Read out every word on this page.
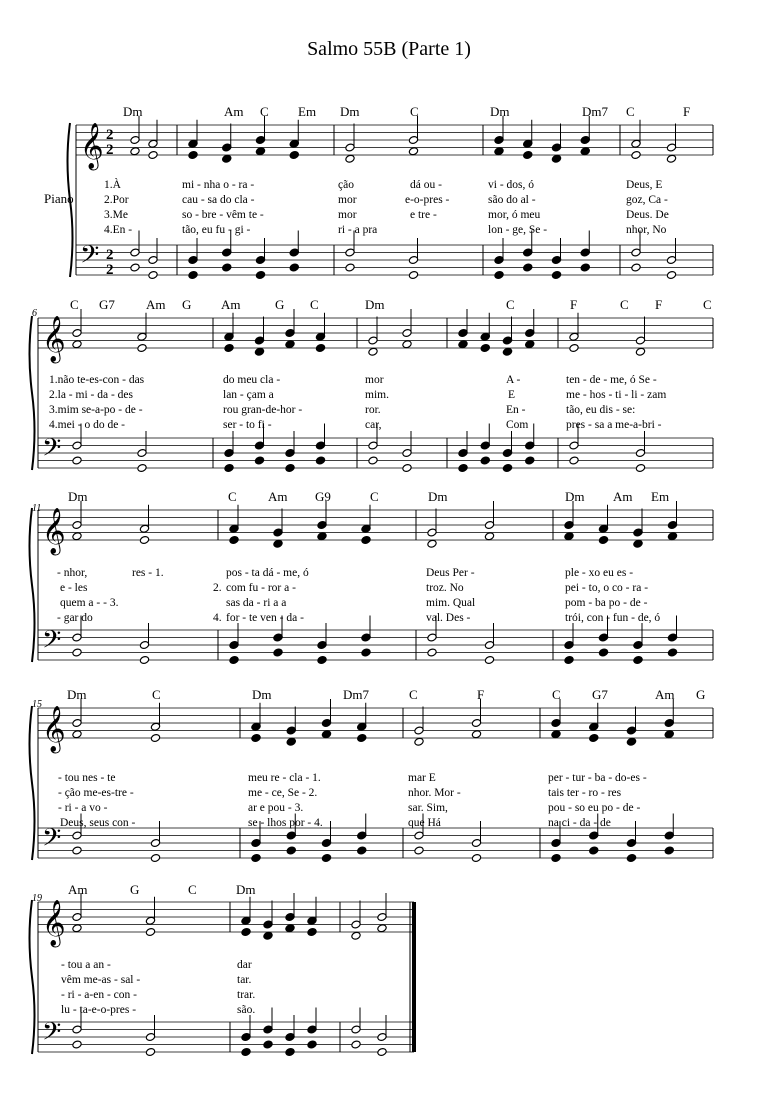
Salmo 55B (Parte 1)
Piano
6
11
15
19
Dm	Am C Em Dm	C	Dm	Dm7 C	F
C G7 Am G Am	G C	Dm	C	F	C F	C
Dm	C Am G9	C	Dm	Dm Am Em
Dm	C	Dm	Dm7	C	F	C G7	Am G
Am	G	C	Dm
1.À	mi - nha o - ra -	ção	dá ou -	vi - dos, ó	Deus, E
2.Por	cau - sa do cla -	mor	e-o-pres -	são do al -	goz, Ca -
3.Me	so - bre - vêm te -	mor	e tre -	mor, ó meu	Deus. De
4.En -	tão, eu fu - gi -	ri - a pra	lon - ge, Se -	nhor, No
1.não te-es-con - das	do meu cla -	mor	A -	ten - de - me, ó Se -
2.la - mi - da - des	lan - çam a	mim.	E	me - hos - ti - li - zam
3.mim se-a-po - de -	rou gran-de-hor -	ror.	En -	tão, eu dis - se:
4.mei - o do de -	ser - to fi -	car,	Com	pres - sa a me-a-bri -
- nhor,	res - 1.	pos - ta dá - me, ó	Deus Per -	ple - xo eu es -
e - les	2. com fu - ror a -	troz. No	pei - to, o co - ra -
quem a - - 3.	sas da - ri a a	mim. Qual	pom - ba po - de -
- gar do	4. for - te ven - da -	val. Des -	trói, con - fun - de, ó
- tou nes - te	meu re - cla - 1.	mar E	per - tur - ba - do-es -
- ção me-es-tre -	me - ce, Se - 2.	nhor. Mor -	tais ter - ro - res
- ri - a vo -	ar e pou - 3.	sar. Sim,	pou - so eu po - de -
Deus, seus con -	se - lhos por - 4.	que Há	na ci - da - de
- tou a an -	dar
vêm me-as - sal -	tar.
- ri - a-en - con -	trar.
lu - ta-e-o-pres -	são.
𝄞
𝄢
2
2
2
2
𝄞
𝄢
𝄞
𝄢
𝄞
𝄢
𝄞
𝄢
